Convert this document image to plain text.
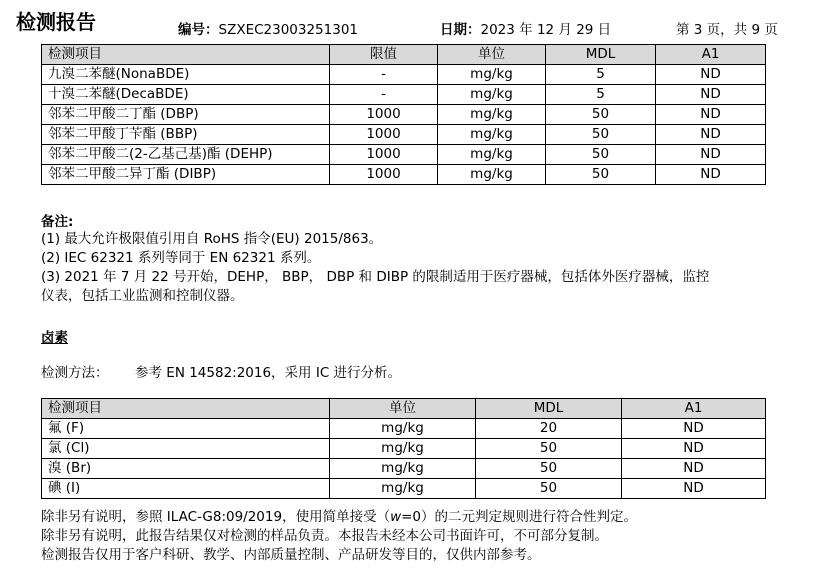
检测报告	编号：SZXEC23003251301	日期：2023 年 12 月 29 日	第 3 页，共 9 页
检测项目	限值	单位	MDL	A1
九溴二苯醚(NonaBDE)	-	mg/kg	5	ND
十溴二苯醚(DecaBDE)	-	mg/kg	5	ND
邻苯二甲酸二丁酯 (DBP)	1000	mg/kg	50	ND
邻苯二甲酸丁苄酯 (BBP)	1000	mg/kg	50	ND
邻苯二甲酸二(2-乙基己基)酯 (DEHP)	1000	mg/kg	50	ND
邻苯二甲酸二异丁酯 (DIBP)	1000	mg/kg	50	ND
备注:
(1) 最大允许极限值引用自 RoHS 指令(EU) 2015/863。
(2) IEC 62321 系列等同于 EN 62321 系列。
(3) 2021 年 7 月 22 号开始，DEHP， BBP， DBP 和 DIBP 的限制适用于医疗器械，包括体外医疗器械，监控
仪表，包括工业监测和控制仪器。
卤素
检测方法： 参考 EN 14582:2016，采用 IC 进行分析。
检测项目	单位	MDL	A1
氟 (F)	mg/kg	20	ND
氯 (Cl)	mg/kg	50	ND
溴 (Br)	mg/kg	50	ND
碘 (I)	mg/kg	50	ND
除非另有说明，参照 ILAC-G8:09/2019，使用简单接受（w=0）的二元判定规则进行符合性判定。
除非另有说明，此报告结果仅对检测的样品负责。本报告未经本公司书面许可，不可部分复制。
检测报告仅用于客户科研、教学、内部质量控制、产品研发等目的，仅供内部参考。
